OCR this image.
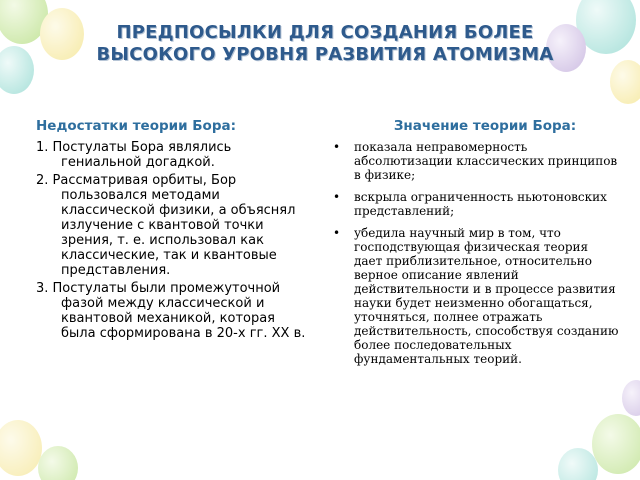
ПРЕДПОСЫЛКИ ДЛЯ СОЗДАНИЯ БОЛЕЕ
ВЫСОКОГО УРОВНЯ РАЗВИТИЯ АТОМИЗМА
Недостатки теории Бора:
1. Постулаты Бора являлись гениальной догадкой.
2. Рассматривая орбиты, Бор пользовался методами классической физики, а объяснял излучение с квантовой точки зрения, т. е. использовал как классические, так и квантовые представления.
3. Постулаты были промежуточной фазой между классической и квантовой механикой, которая была сформирована в 20-х гг. XX в.
Значение теории Бора:
• показала неправомерность абсолютизации классических принципов в физике;
• вскрыла ограниченность ньютоновских представлений;
• убедила научный мир в том, что господствующая физическая теория дает приблизительное, относительно верное описание явлений действительности и в процессе развития науки будет неизменно обогащаться, уточняться, полнее отражать действительность, способствуя созданию более последовательных фундаментальных теорий.
